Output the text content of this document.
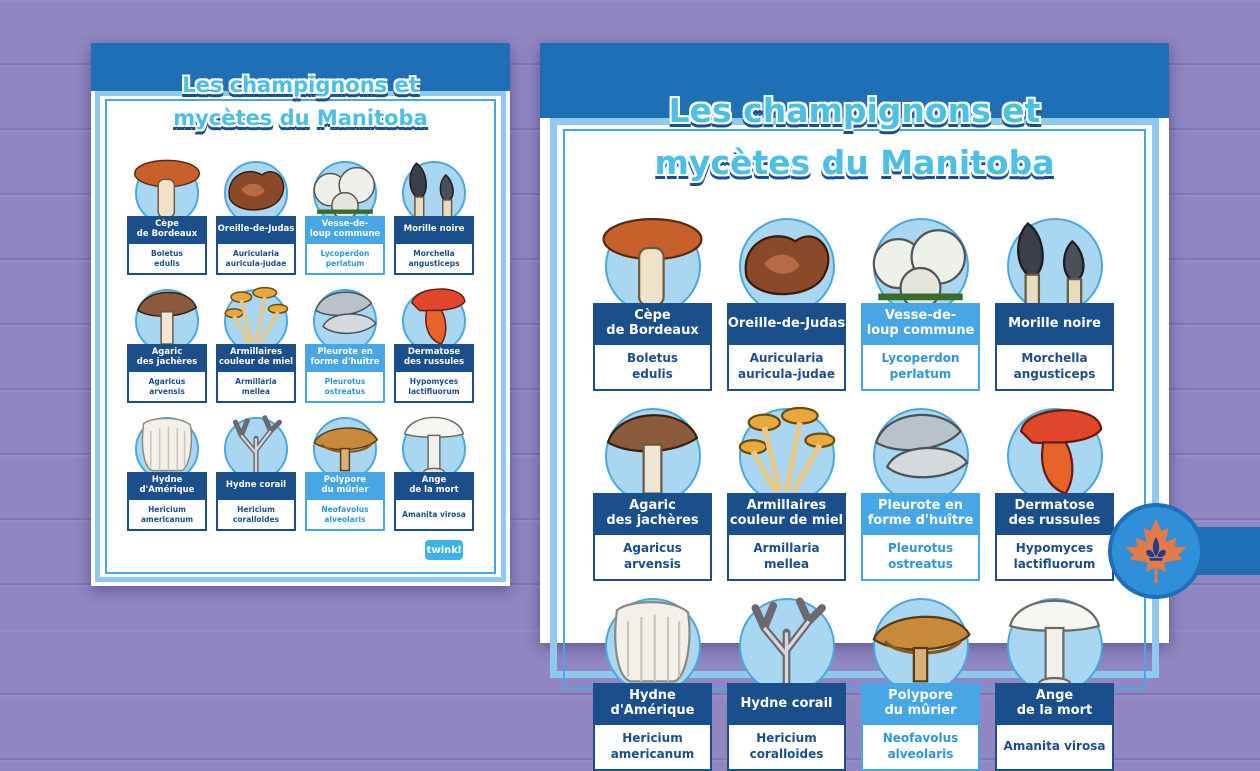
Les champignons et
mycètes du Manitoba
Cèpe
de Bordeaux
Boletus
edulis
Oreille-de-Judas
Auricularia
auricula-judae
Vesse-de-
loup commune
Lycoperdon
perlatum
Morille noire
Morchella
angusticeps
Agaric
des jachères
Agaricus
arvensis
Armillaires
couleur de miel
Armillaria
mellea
Pleurote en
forme d'huître
Pleurotus
ostreatus
Dermatose
des russules
Hypomyces
lactifluorum
Hydne
d'Amérique
Hericium
americanum
Hydne corail
Hericium
coralloides
Polypore
du mûrier
Neofavolus
alveolaris
Ange
de la mort
Amanita virosa
twinkl
Les champignons et
mycètes du Manitoba
Cèpe
de Bordeaux
Boletus
edulis
Oreille-de-Judas
Auricularia
auricula-judae
Vesse-de-
loup commune
Lycoperdon
perlatum
Morille noire
Morchella
angusticeps
Agaric
des jachères
Agaricus
arvensis
Armillaires
couleur de miel
Armillaria
mellea
Pleurote en
forme d'huître
Pleurotus
ostreatus
Dermatose
des russules
Hypomyces
lactifluorum
Hydne
d'Amérique
Hericium
americanum
Hydne corail
Hericium
coralloides
Polypore
du mûrier
Neofavolus
alveolaris
Ange
de la mort
Amanita virosa
